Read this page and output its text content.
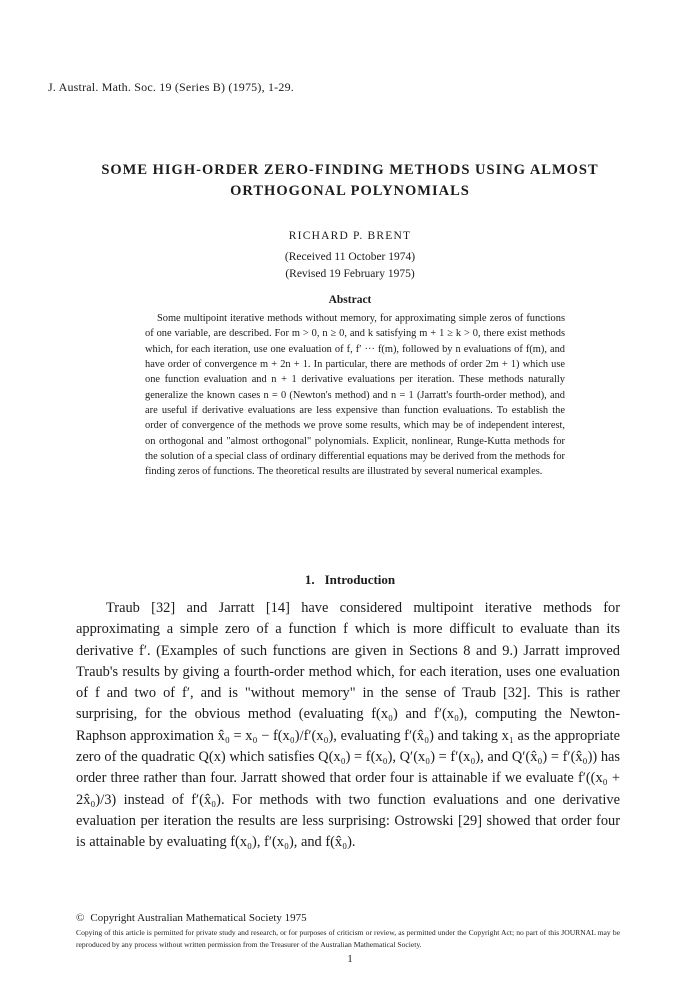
J. Austral. Math. Soc. 19 (Series B) (1975), 1-29.
SOME HIGH-ORDER ZERO-FINDING METHODS USING ALMOST ORTHOGONAL POLYNOMIALS
RICHARD P. BRENT
(Received 11 October 1974)
(Revised 19 February 1975)
Abstract

Some multipoint iterative methods without memory, for approximating simple zeros of functions of one variable, are described. For m > 0, n ≥ 0, and k satisfying m + 1 ≥ k > 0, there exist methods which, for each iteration, use one evaluation of f, f′ ··· f(m), followed by n evaluations of f(m), and have order of convergence m + 2n + 1. In particular, there are methods of order 2m + 1) which use one function evaluation and n + 1 derivative evaluations per iteration. These methods naturally generalize the known cases n = 0 (Newton's method) and n = 1 (Jarratt's fourth-order method), and are useful if derivative evaluations are less expensive than function evaluations. To establish the order of convergence of the methods we prove some results, which may be of independent interest, on orthogonal and "almost orthogonal" polynomials. Explicit, nonlinear, Runge-Kutta methods for the solution of a special class of ordinary differential equations may be derived from the methods for finding zeros of functions. The theoretical results are illustrated by several numerical examples.

1. Introduction

Traub [32] and Jarratt [14] have considered multipoint iterative methods for approximating a simple zero of a function f which is more difficult to evaluate than its derivative f′. (Examples of such functions are given in Sections 8 and 9.) Jarratt improved Traub's results by giving a fourth-order method which, for each iteration, uses one evaluation of f and two of f′, and is "without memory" in the sense of Traub [32]. This is rather surprising, for the obvious method (evaluating f(x₀) and f′(x₀), computing the Newton-Raphson approximation x̂₀ = x₀ − f(x₀)/f′(x₀), evaluating f′(x̂₀) and taking x₁ as the appropriate zero of the quadratic Q(x) which satisfies Q(x₀) = f(x₀), Q′(x₀) = f′(x₀), and Q′(x̂₀) = f′(x̂₀)) has order three rather than four. Jarratt showed that order four is attainable if we evaluate f′((x₀ + 2x̂₀)/3) instead of f′(x̂₀). For methods with two function evaluations and one derivative evaluation per iteration the results are less surprising: Ostrowski [29] showed that order four is attainable by evaluating f(x₀), f′(x₀), and f(x̂₀).

© Copyright Australian Mathematical Society 1975

Copying of this article is permitted for private study and research, or for purposes of criticism or review, as permitted under the Copyright Act; no part of this JOURNAL may be reproduced by any process without written permission from the Treasurer of the Australian Mathematical Society.

1
